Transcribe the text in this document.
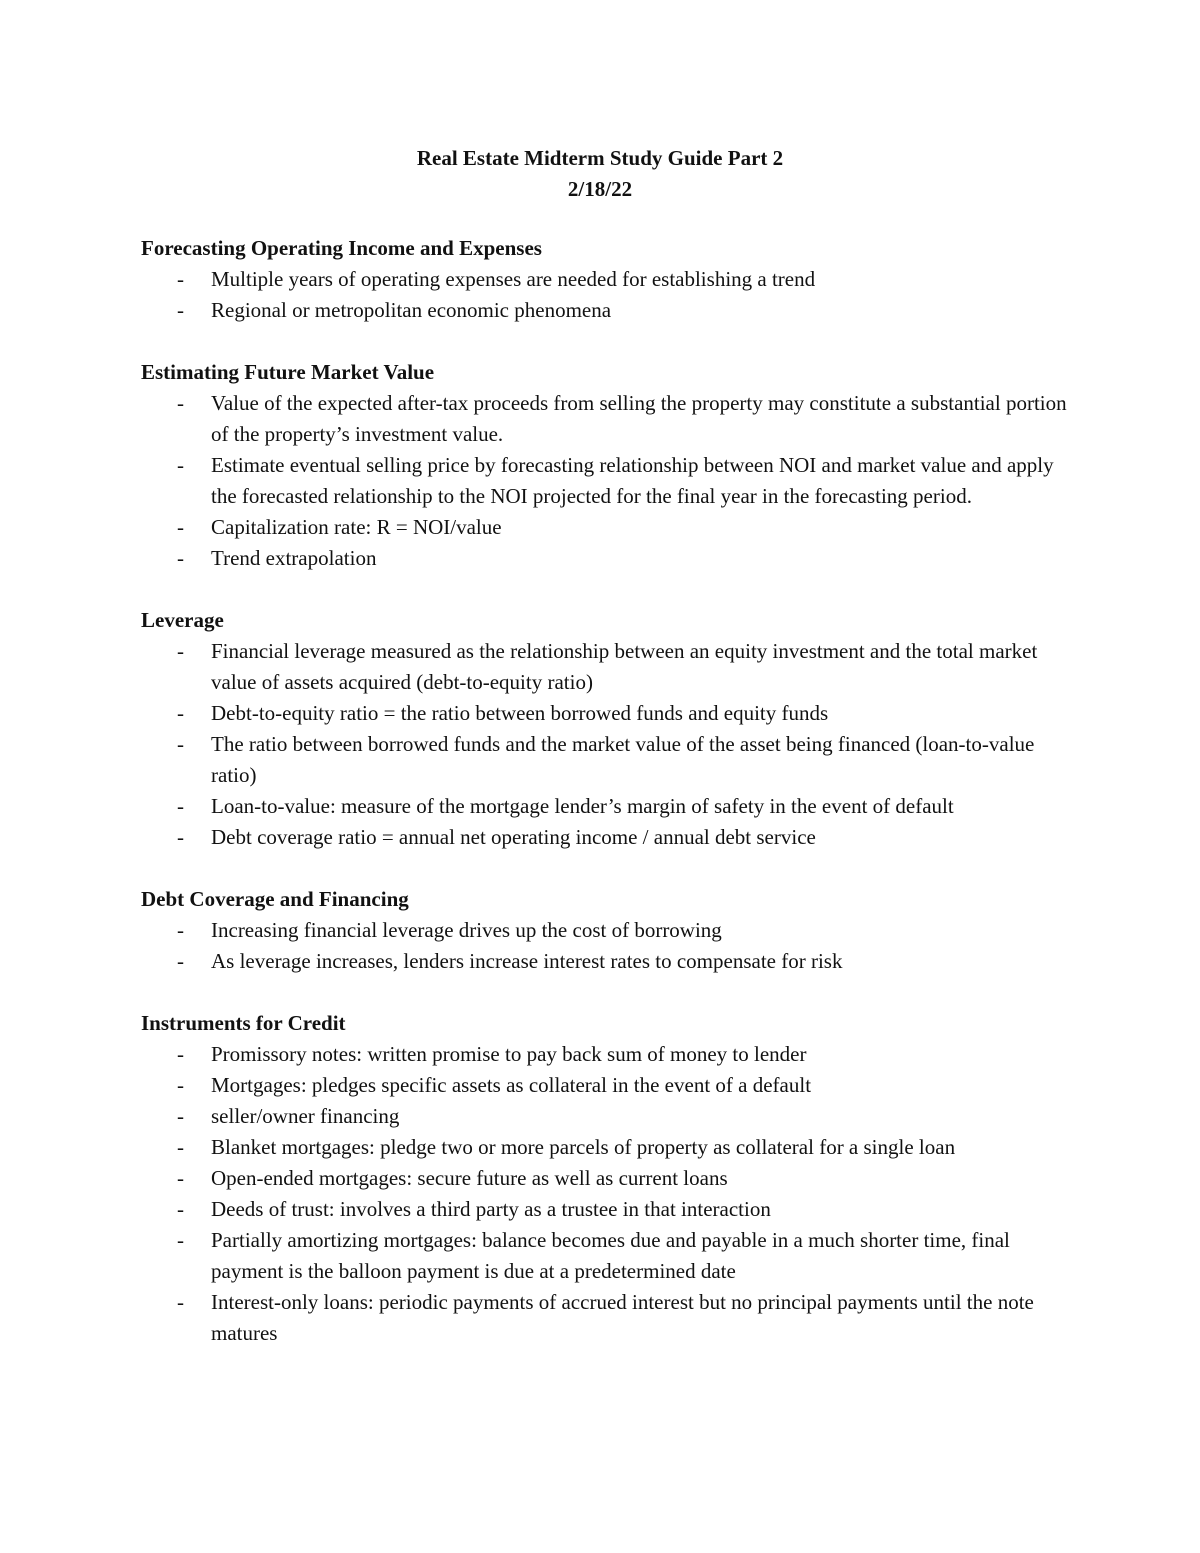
Real Estate Midterm Study Guide Part 2
2/18/22
Forecasting Operating Income and Expenses
- Multiple years of operating expenses are needed for establishing a trend
- Regional or metropolitan economic phenomena
Estimating Future Market Value
- Value of the expected after-tax proceeds from selling the property may constitute a substantial portion of the property’s investment value.
- Estimate eventual selling price by forecasting relationship between NOI and market value and apply the forecasted relationship to the NOI projected for the final year in the forecasting period.
- Capitalization rate: R = NOI/value
- Trend extrapolation
Leverage
- Financial leverage measured as the relationship between an equity investment and the total market value of assets acquired (debt-to-equity ratio)
- Debt-to-equity ratio = the ratio between borrowed funds and equity funds
- The ratio between borrowed funds and the market value of the asset being financed (loan-to-value ratio)
- Loan-to-value: measure of the mortgage lender’s margin of safety in the event of default
- Debt coverage ratio = annual net operating income / annual debt service
Debt Coverage and Financing
- Increasing financial leverage drives up the cost of borrowing
- As leverage increases, lenders increase interest rates to compensate for risk
Instruments for Credit
- Promissory notes: written promise to pay back sum of money to lender
- Mortgages: pledges specific assets as collateral in the event of a default
- seller/owner financing
- Blanket mortgages: pledge two or more parcels of property as collateral for a single loan
- Open-ended mortgages: secure future as well as current loans
- Deeds of trust: involves a third party as a trustee in that interaction
- Partially amortizing mortgages: balance becomes due and payable in a much shorter time, final payment is the balloon payment is due at a predetermined date
- Interest-only loans: periodic payments of accrued interest but no principal payments until the note matures
